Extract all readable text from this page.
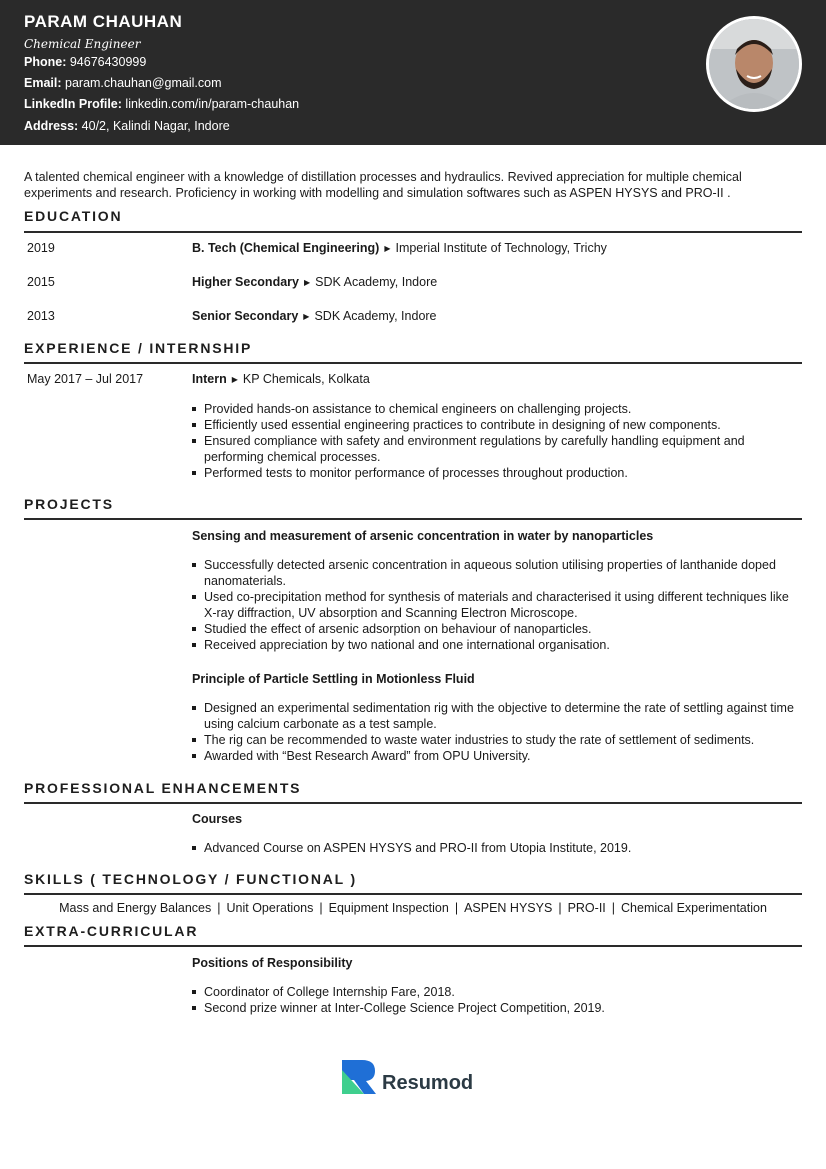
PARAM CHAUHAN
Chemical Engineer
Phone: 94676430999
Email: param.chauhan@gmail.com
LinkedIn Profile: linkedin.com/in/param-chauhan
Address: 40/2, Kalindi Nagar, Indore
A talented chemical engineer with a knowledge of distillation processes and hydraulics. Revived appreciation for multiple chemical experiments and research. Proficiency in working with modelling and simulation softwares such as ASPEN HYSYS and PRO-II .
EDUCATION
2019	B. Tech (Chemical Engineering) ▶ Imperial Institute of Technology, Trichy
2015	Higher Secondary ▶ SDK Academy, Indore
2013	Senior Secondary ▶ SDK Academy, Indore
EXPERIENCE / INTERNSHIP
May 2017 – Jul 2017	Intern ▶ KP Chemicals, Kolkata
Provided hands-on assistance to chemical engineers on challenging projects.
Efficiently used essential engineering practices to contribute in designing of new components.
Ensured compliance with safety and environment regulations by carefully handling equipment and performing chemical processes.
Performed tests to monitor performance of processes throughout production.
PROJECTS
Sensing and measurement of arsenic concentration in water by nanoparticles
Successfully detected arsenic concentration in aqueous solution utilising properties of lanthanide doped nanomaterials.
Used co-precipitation method for synthesis of materials and characterised it using different techniques like X-ray diffraction, UV absorption and Scanning Electron Microscope.
Studied the effect of arsenic adsorption on behaviour of nanoparticles.
Received appreciation by two national and one international organisation.
Principle of Particle Settling in Motionless Fluid
Designed an experimental sedimentation rig with the objective to determine the rate of settling against time using calcium carbonate as a test sample.
The rig can be recommended to waste water industries to study the rate of settlement of sediments.
Awarded with “Best Research Award” from OPU University.
PROFESSIONAL ENHANCEMENTS
Courses
Advanced Course on ASPEN HYSYS and PRO-II from Utopia Institute, 2019.
SKILLS ( TECHNOLOGY / FUNCTIONAL )
Mass and Energy Balances | Unit Operations | Equipment Inspection | ASPEN HYSYS | PRO-II | Chemical Experimentation
EXTRA-CURRICULAR
Positions of Responsibility
Coordinator of College Internship Fare, 2018.
Second prize winner at Inter-College Science Project Competition, 2019.
Resumod
